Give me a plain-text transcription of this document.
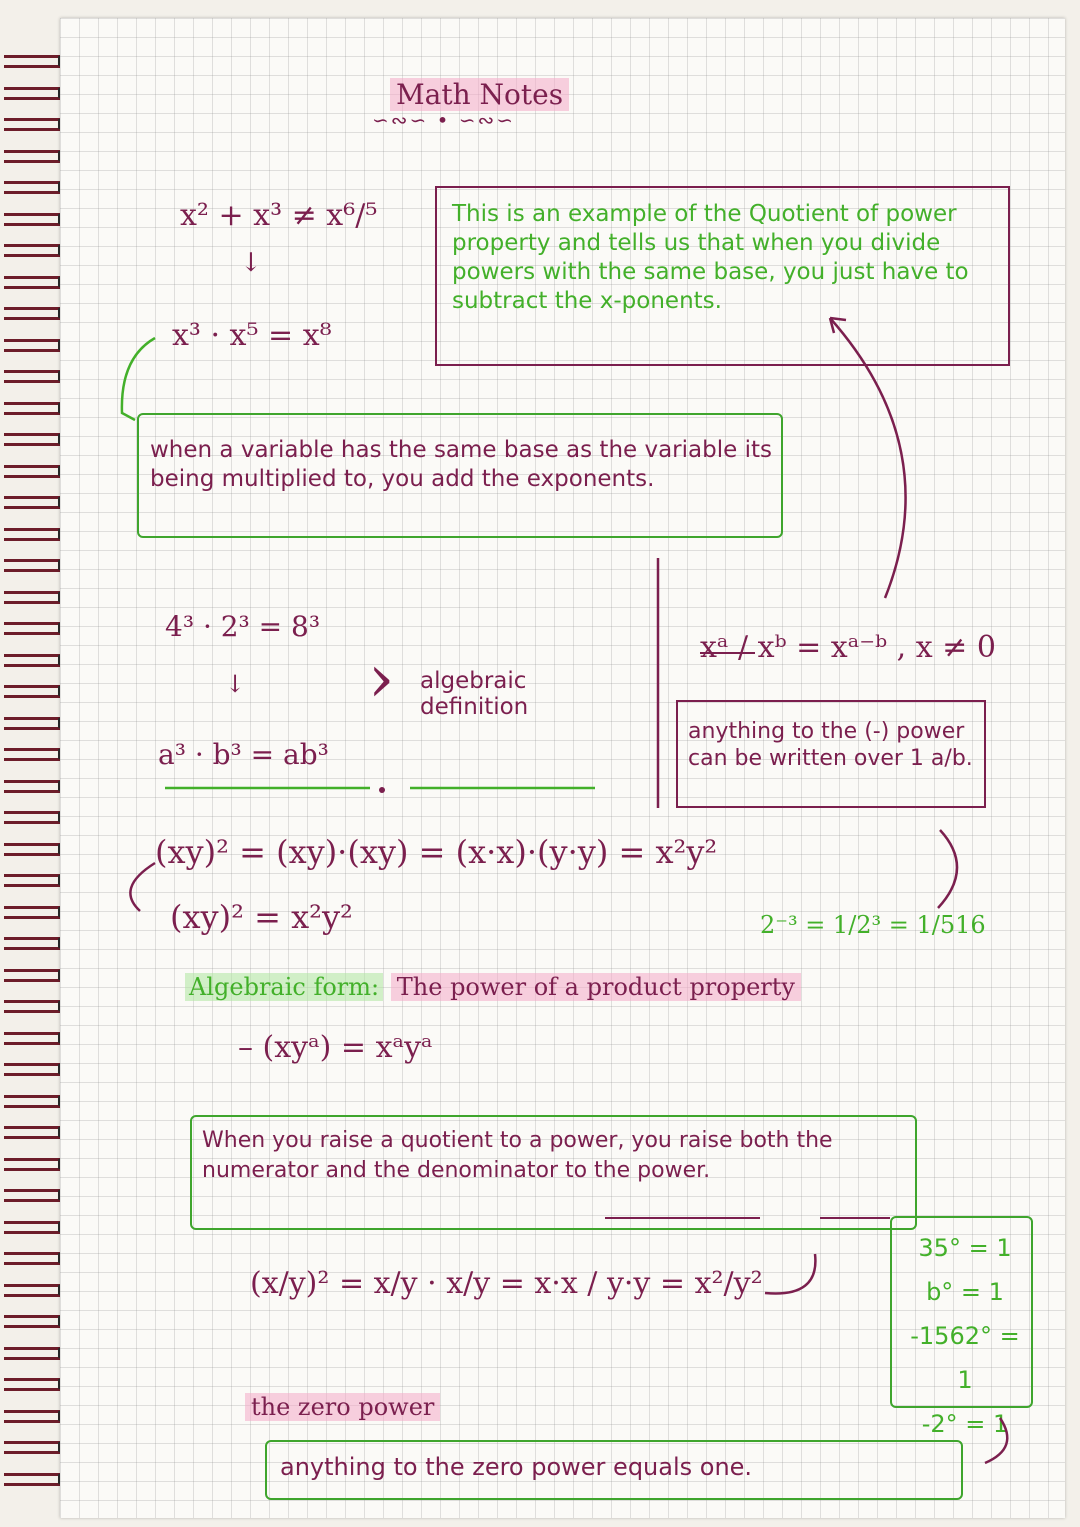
Math Notes
∽∾∽ • ∽∾∽
x² + x³ ≠ x⁶/⁵
↓
x³ · x⁵ = x⁸
This is an example of the Quotient of power property and tells us that when you divide powers with the same base, you just have to subtract the x-ponents.
when a variable has the same base as the variable its being multiplied to, you add the exponents.
4³ · 2³ = 8³
↓
a³ · b³ = ab³
› algebraic definition
xᵃ / xᵇ = xᵃ⁻ᵇ , x ≠ 0
anything to the (-) power can be written over 1 a/b.
(xy)² = (xy)·(xy) = (x·x)·(y·y) = x²y²
(xy)² = x²y²	2⁻³ = 1/2³ = 1/516
Algebraic form: The power of a product property
– (xyᵃ) = xᵃyᵃ
When you raise a quotient to a power, you raise both the numerator and the denominator to the power.
(x/y)² = x/y · x/y = x·x / y·y = x²/y²
35° = 1
b° = 1
-1562° = 1
-2° = 1
the zero power
anything to the zero power equals one.
